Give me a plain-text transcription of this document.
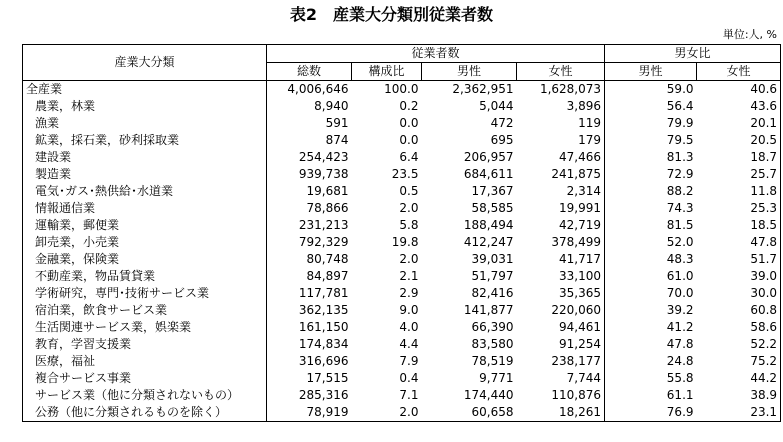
表2　産業大分類別従業者数
単位:人, %
産業大分類	従業者数				男女比	
	総数	構成比	男性	女性	男性	女性
全産業	4,006,646	100.0	2,362,951	1,628,073	59.0	40.6
農業，林業	8,940	0.2	5,044	3,896	56.4	43.6
漁業	591	0.0	472	119	79.9	20.1
鉱業，採石業，砂利採取業	874	0.0	695	179	79.5	20.5
建設業	254,423	6.4	206,957	47,466	81.3	18.7
製造業	939,738	23.5	684,611	241,875	72.9	25.7
電気･ガス･熱供給･水道業	19,681	0.5	17,367	2,314	88.2	11.8
情報通信業	78,866	2.0	58,585	19,991	74.3	25.3
運輸業，郵便業	231,213	5.8	188,494	42,719	81.5	18.5
卸売業，小売業	792,329	19.8	412,247	378,499	52.0	47.8
金融業，保険業	80,748	2.0	39,031	41,717	48.3	51.7
不動産業，物品賃貸業	84,897	2.1	51,797	33,100	61.0	39.0
学術研究，専門･技術サービス業	117,781	2.9	82,416	35,365	70.0	30.0
宿泊業，飲食サービス業	362,135	9.0	141,877	220,060	39.2	60.8
生活関連サービス業，娯楽業	161,150	4.0	66,390	94,461	41.2	58.6
教育，学習支援業	174,834	4.4	83,580	91,254	47.8	52.2
医療，福祉	316,696	7.9	78,519	238,177	24.8	75.2
複合サービス事業	17,515	0.4	9,771	7,744	55.8	44.2
サービス業（他に分類されないもの）	285,316	7.1	174,440	110,876	61.1	38.9
公務（他に分類されるものを除く）	78,919	2.0	60,658	18,261	76.9	23.1
